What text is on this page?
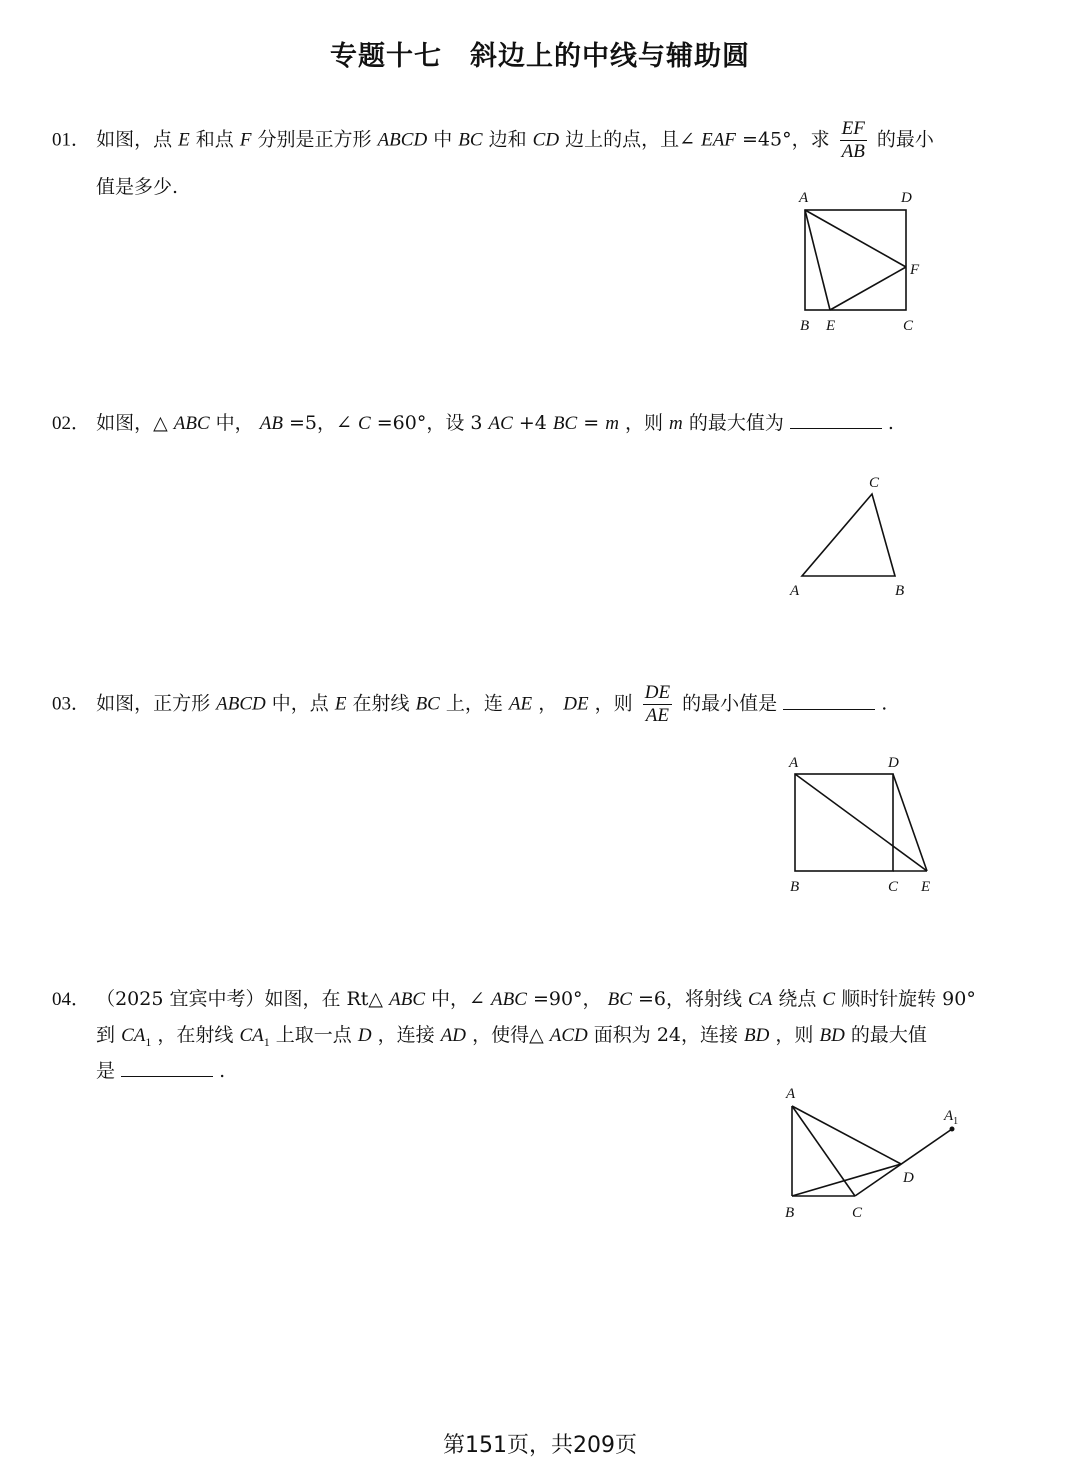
专题十七　斜边上的中线与辅助圆
01． 如图，点 E 和点 F 分别是正方形 ABCD 中 BC 边和 CD 边上的点，且∠ EAF =45°，求 $\frac{EF}{AB}$ 的最小
值是多少.	A	D
F
B E	C
02． 如图，△ ABC 中， AB =5，∠ C =60°，设 3 AC +4 BC = m ，则 m 的最大值为	.
C
A	B
03． 如图，正方形 ABCD 中，点 E 在射线 BC 上，连 AE ， DE ，则 $\frac{DE}{AE}$ 的最小值是	.
A	D
B	C E
04． （2025 宜宾中考）如图，在 Rt△ ABC 中，∠ ABC =90°， BC =6，将射线 CA 绕点 C 顺时针旋转 90°
到 $CA_1$ ，在射线 $CA_1$ 上取一点 D ，连接 AD ，使得△ ACD 面积为 24，连接 BD ，则 BD 的最大值
是	.
A
$A_1$
D
B	C
第151页，共209页
